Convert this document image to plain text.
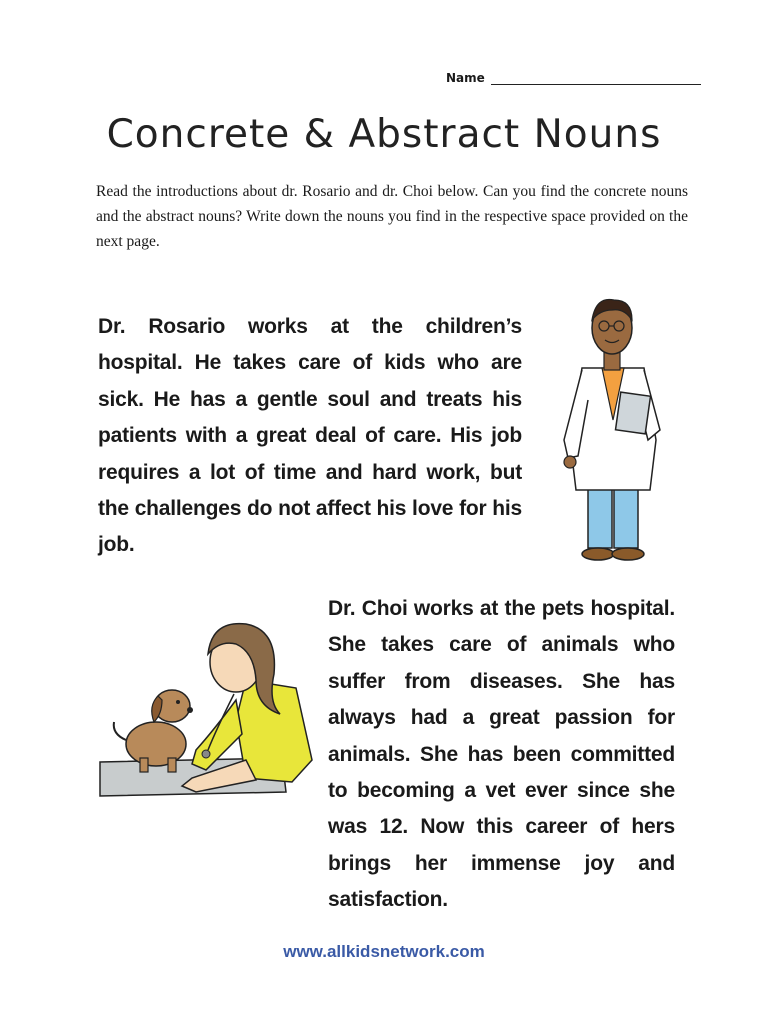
Name
Concrete & Abstract Nouns
Read the introductions about dr. Rosario and dr. Choi below. Can you find the concrete nouns and the abstract nouns? Write down the nouns you find in the respective space provided on the next page.
Dr. Rosario works at the children’s hospital. He takes care of kids who are sick. He has a gentle soul and treats his patients with a great deal of care. His job requires a lot of time and hard work, but the challenges do not affect his love for his job.
Dr. Choi works at the pets hospital. She takes care of animals who suffer from diseases. She has always had a great passion for animals. She has been committed to becoming a vet ever since she was 12. Now this career of hers brings her immense joy and satisfaction.
www.allkidsnetwork.com
